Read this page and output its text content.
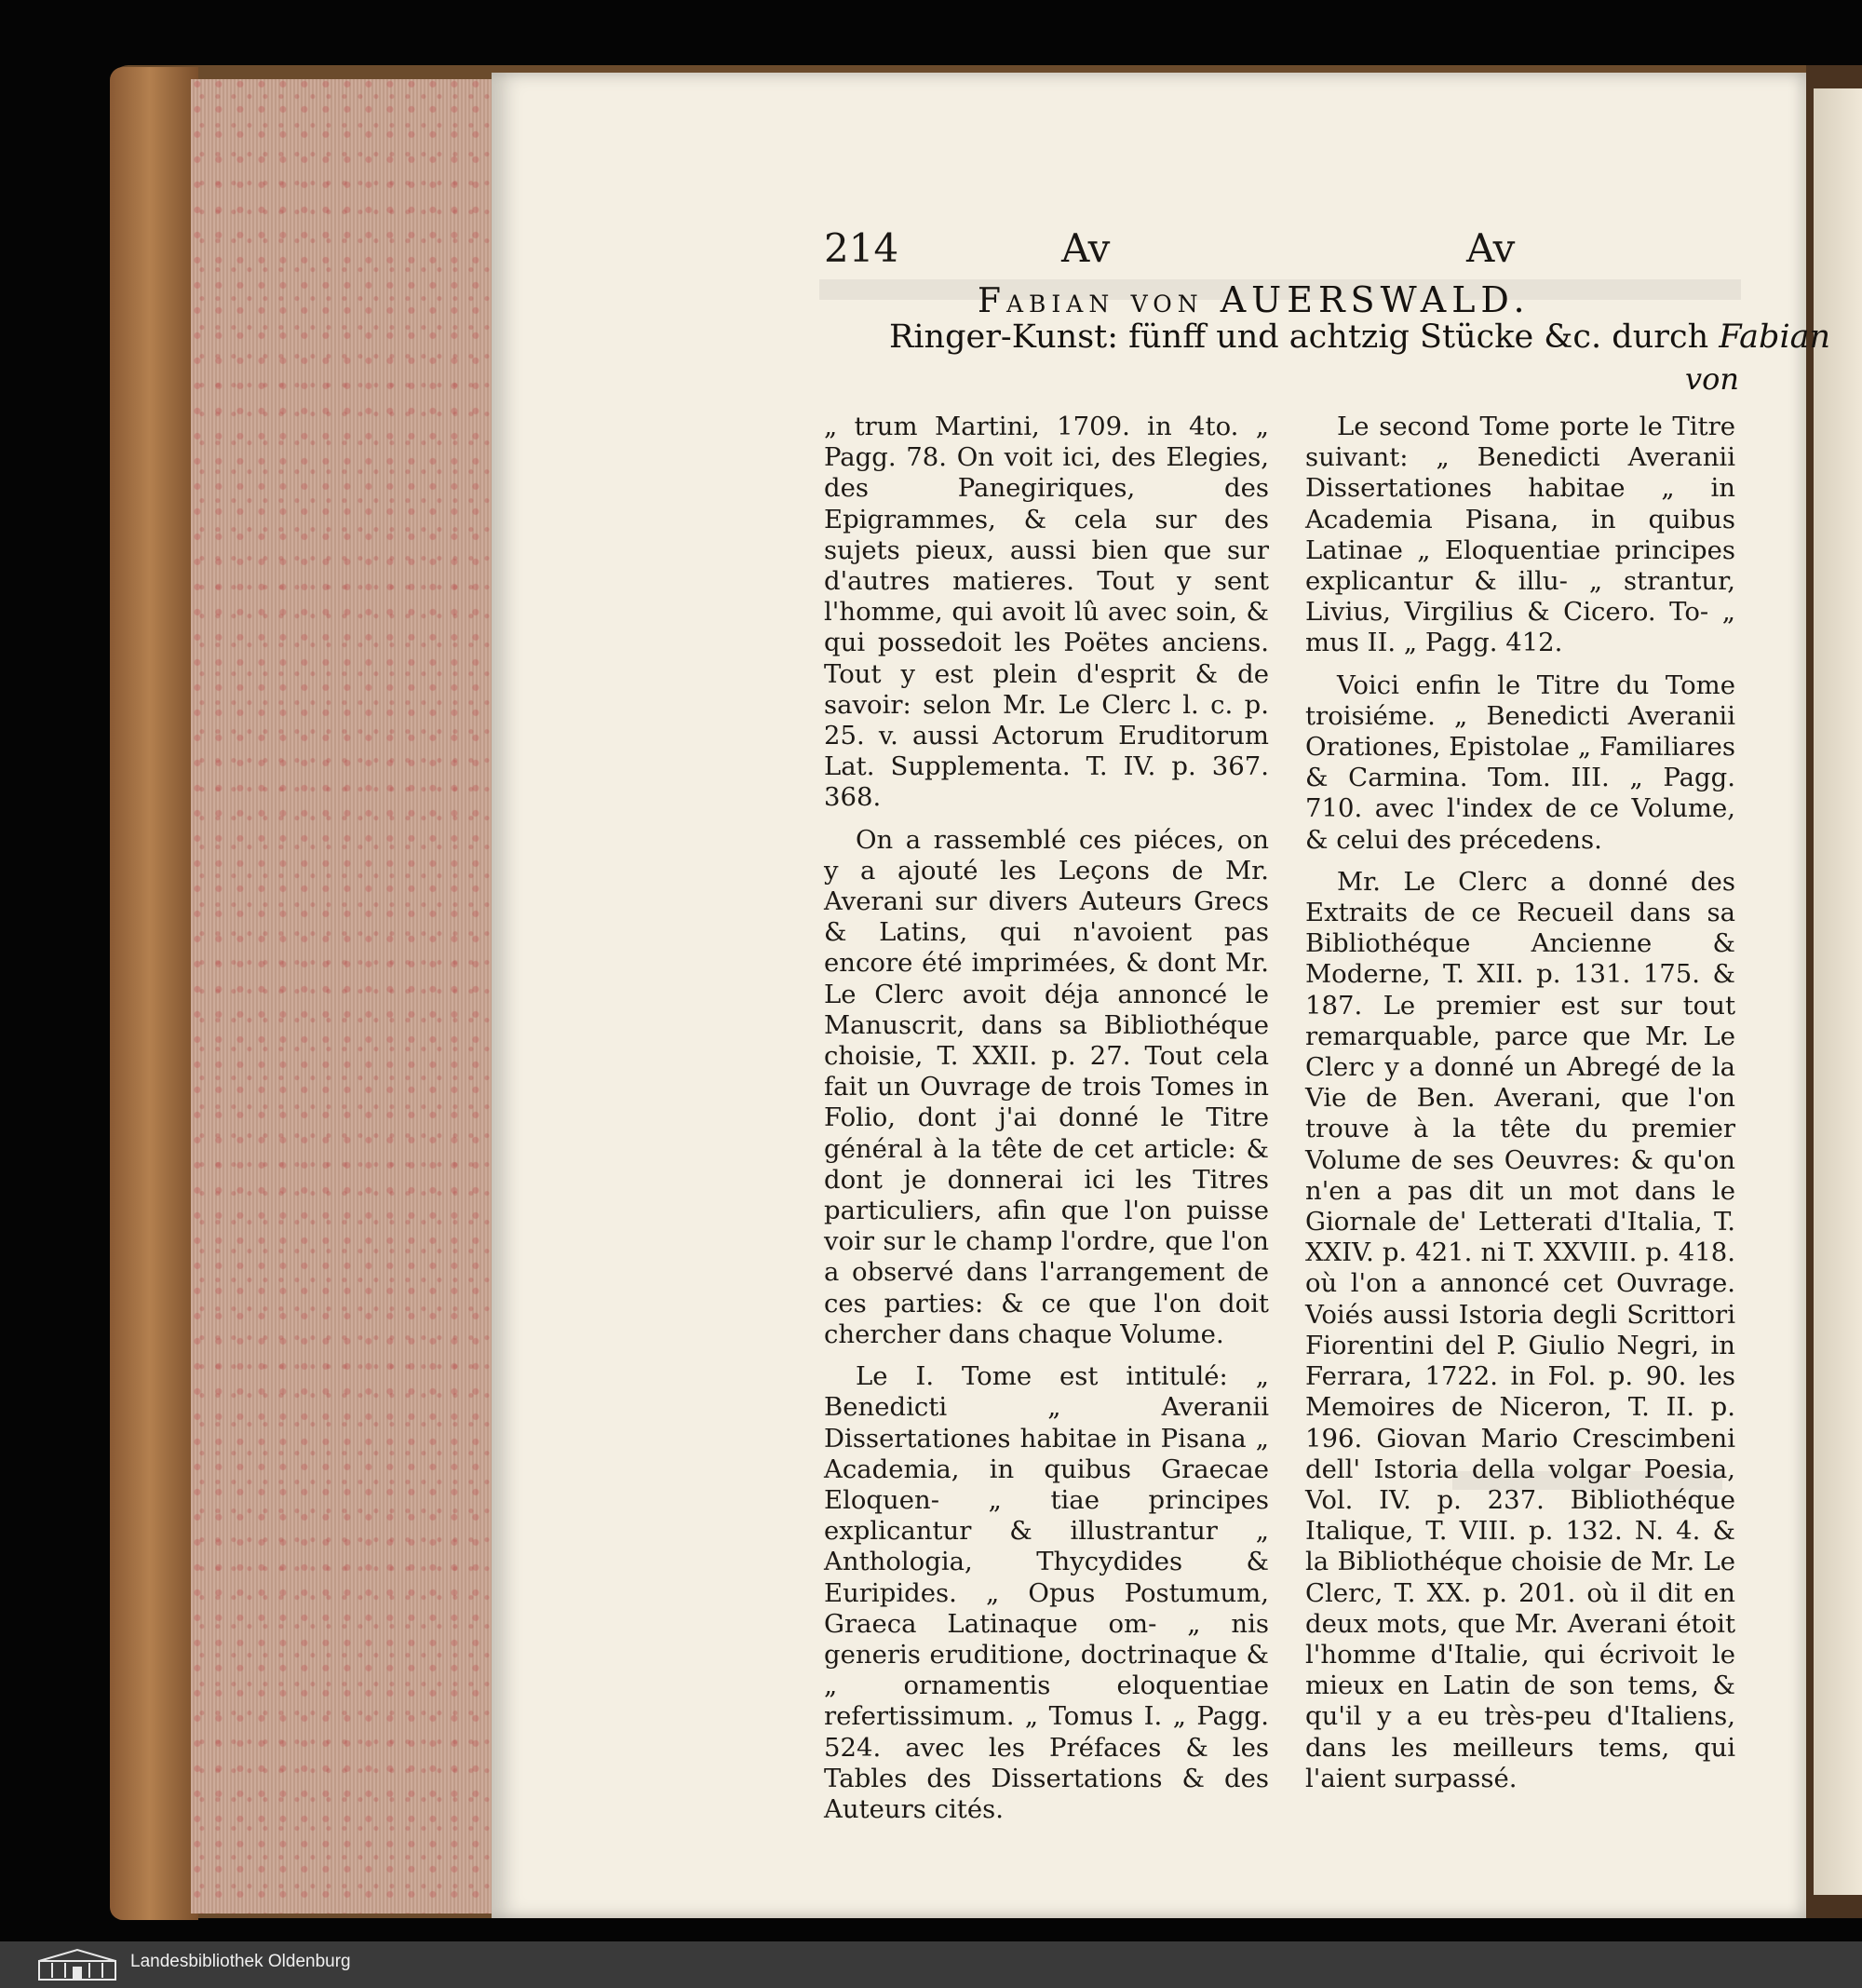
214	Av	Av
Fabian von AUERSWALD.
Ringer-Kunst: fünff und achtzig Stücke &c. durch Fabian
von

„ trum Martini, 1709. in 4to. „ Pagg. 78. On voit ici, des Elegies, des Panegiriques, des Epigrammes, & cela sur des sujets pieux, aussi bien que sur d'autres matieres. Tout y sent l'homme, qui avoit lû avec soin, & qui possedoit les Poëtes anciens. Tout y est plein d'esprit & de savoir: selon Mr. Le Clerc l. c. p. 25. v. aussi Actorum Eruditorum Lat. Supplementa. T. IV. p. 367. 368.

On a rassemblé ces piéces, on y a ajouté les Leçons de Mr. Averani sur divers Auteurs Grecs & Latins, qui n'avoient pas encore été imprimées, & dont Mr. Le Clerc avoit déja annoncé le Manuscrit, dans sa Bibliothéque choisie, T. XXII. p. 27. Tout cela fait un Ouvrage de trois Tomes in Folio, dont j'ai donné le Titre général à la tête de cet article: & dont je donnerai ici les Titres particuliers, afin que l'on puisse voir sur le champ l'ordre, que l'on a observé dans l'arrangement de ces parties: & ce que l'on doit chercher dans chaque Volume.

Le I. Tome est intitulé: „ Benedicti „ Averanii Dissertationes habitae in Pisana „ Academia, in quibus Graecae Eloquen- „ tiae principes explicantur & illustrantur „ Anthologia, Thycydides & Euripides. „ Opus Postumum, Graeca Latinaque om- „ nis generis eruditione, doctrinaque & „ ornamentis eloquentiae refertissimum. „ Tomus I. „ Pagg. 524. avec les Préfaces & les Tables des Dissertations & des Auteurs cités.

Le second Tome porte le Titre suivant: „ Benedicti Averanii Dissertationes habitae „ in Academia Pisana, in quibus Latinae „ Eloquentiae principes explicantur & illu- „ strantur, Livius, Virgilius & Cicero. To- „ mus II. „ Pagg. 412.

Voici enfin le Titre du Tome troisiéme. „ Benedicti Averanii Orationes, Epistolae „ Familiares & Carmina. Tom. III. „ Pagg. 710. avec l'index de ce Volume, & celui des précedens.

Mr. Le Clerc a donné des Extraits de ce Recueil dans sa Bibliothéque Ancienne & Moderne, T. XII. p. 131. 175. & 187. Le premier est sur tout remarquable, parce que Mr. Le Clerc y a donné un Abregé de la Vie de Ben. Averani, que l'on trouve à la tête du premier Volume de ses Oeuvres: & qu'on n'en a pas dit un mot dans le Giornale de' Letterati d'Italia, T. XXIV. p. 421. ni T. XXVIII. p. 418. où l'on a annoncé cet Ouvrage. Voiés aussi Istoria degli Scrittori Fiorentini del P. Giulio Negri, in Ferrara, 1722. in Fol. p. 90. les Memoires de Niceron, T. II. p. 196. Giovan Mario Crescimbeni dell' Istoria della volgar Poesia, Vol. IV. p. 237. Bibliothéque Italique, T. VIII. p. 132. N. 4. & la Bibliothéque choisie de Mr. Le Clerc, T. XX. p. 201. où il dit en deux mots, que Mr. Averani étoit l'homme d'Italie, qui écrivoit le mieux en Latin de son tems, & qu'il y a eu très-peu d'Italiens, dans les meilleurs tems, qui l'aient surpassé.

Landesbibliothek Oldenburg
